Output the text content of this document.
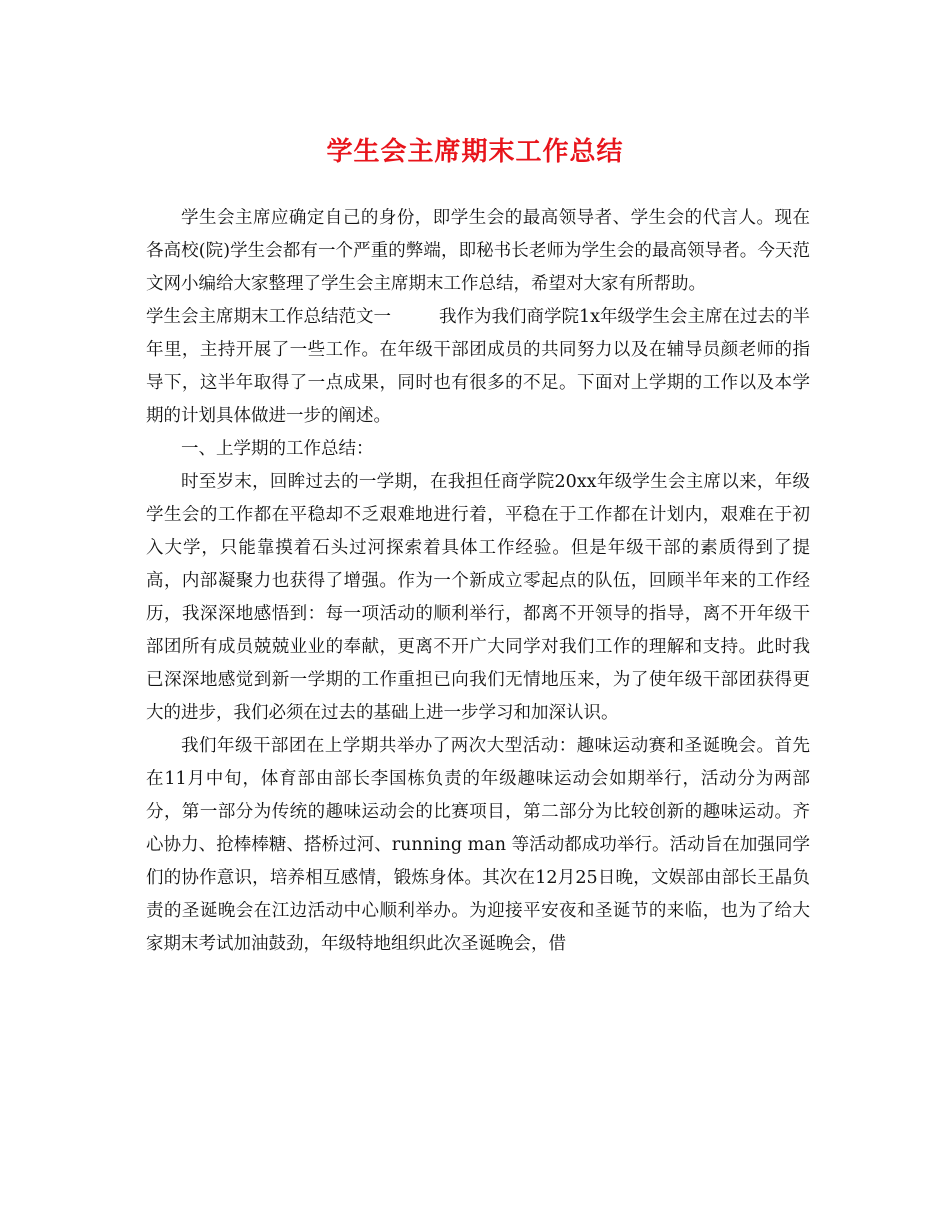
学生会主席期末工作总结

学生会主席应确定自己的身份，即学生会的最高领导者、学生会的代言人。现在各高校(院)学生会都有一个严重的弊端，即秘书长老师为学生会的最高领导者。今天范文网小编给大家整理了学生会主席期末工作总结，希望对大家有所帮助。

学生会主席期末工作总结范文一	我作为我们商学院1x年级学生会主席在过去的半年里，主持开展了一些工作。在年级干部团成员的共同努力以及在辅导员颜老师的指导下，这半年取得了一点成果，同时也有很多的不足。下面对上学期的工作以及本学期的计划具体做进一步的阐述。

一、上学期的工作总结：

时至岁末，回眸过去的一学期，在我担任商学院20xx年级学生会主席以来，年级学生会的工作都在平稳却不乏艰难地进行着，平稳在于工作都在计划内，艰难在于初入大学，只能靠摸着石头过河探索着具体工作经验。但是年级干部的素质得到了提高，内部凝聚力也获得了增强。作为一个新成立零起点的队伍，回顾半年来的工作经历，我深深地感悟到：每一项活动的顺利举行，都离不开领导的指导，离不开年级干部团所有成员兢兢业业的奉献，更离不开广大同学对我们工作的理解和支持。此时我已深深地感觉到新一学期的工作重担已向我们无情地压来，为了使年级干部团获得更大的进步，我们必须在过去的基础上进一步学习和加深认识。

我们年级干部团在上学期共举办了两次大型活动：趣味运动赛和圣诞晚会。首先在11月中旬，体育部由部长李国栋负责的年级趣味运动会如期举行，活动分为两部分，第一部分为传统的趣味运动会的比赛项目，第二部分为比较创新的趣味运动。齐心协力、抢棒棒糖、搭桥过河、running man 等活动都成功举行。活动旨在加强同学们的协作意识，培养相互感情，锻炼身体。其次在12月25日晚，文娱部由部长王晶负责的圣诞晚会在江边活动中心顺利举办。为迎接平安夜和圣诞节的来临，也为了给大家期末考试加油鼓劲，年级特地组织此次圣诞晚会，借
